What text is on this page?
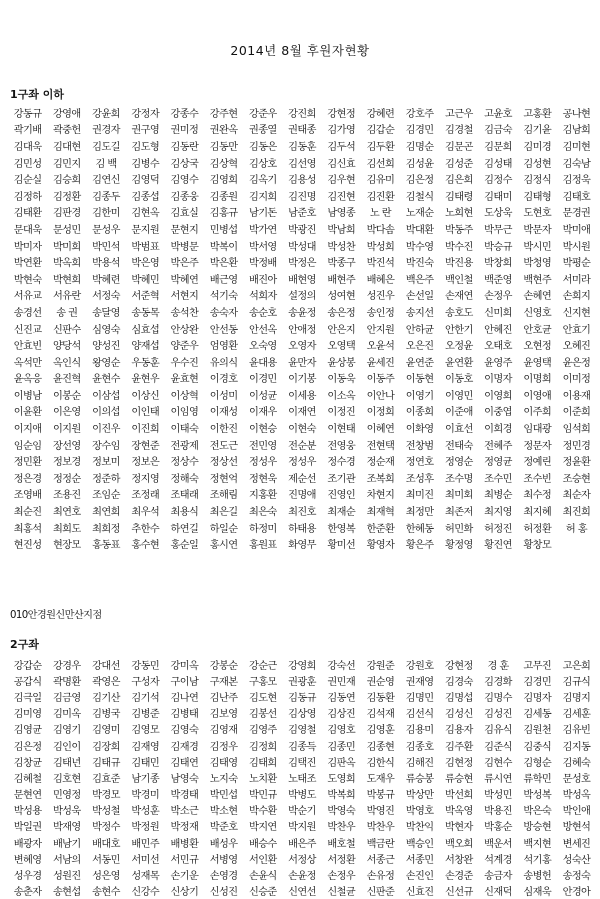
2014년 8월 후원자현황
1구좌 이하
강동규	강영애	강윤희	강정자	강종수	강주현	강준우	강진희	강현정	강혜련	강호주	고근우	고윤호	고홍환	공나현
곽기배	곽중헌	권경자	권구영	권미정	권완옥	권종열	권태종	김가영	김갑순	김경민	김경철	김금숙	김기윤	김남희
김대욱	김대현	김도길	김도형	김동란	김동만	김동은	김동훈	김두석	김두환	김명순	김문곤	김문희	김미경	김미현
김민성	김민지	김 백	김병수	김상국	김상혁	김상호	김선영	김신효	김선희	김성윤	김성준	김성태	김성현	김숙남
김순실	김승희	김연신	김영덕	김영수	김영희	김옥기	김용성	김우현	김유미	김은정	김은희	김정수	김정식	김정욱
김정하	김정환	김종두	김종섭	김종웅	김종원	김지희	김진명	김진현	김진환	김철식	김태령	김태미	김태형	김태호
김태환	김판경	김한미	김현옥	김효실	김홍규	남기돈	남준호	남영종	노 란	노재순	노희현	도상욱	도현호	문경권
문대욱	문성민	문성우	문지원	문현지	민병섭	박가연	박광진	박남희	박다솜	박대환	박동주	박무근	박문자	박미애
박미자	박미희	박민석	박범표	박병문	박복이	박서영	박성대	박성찬	박성희	박수영	박수진	박승규	박시민	박시원
박연환	박옥희	박용석	박은영	박은주	박은환	박정배	박정은	박종구	박진석	박진숙	박진용	박창희	박청영	박평순
박현숙	박현희	박혜련	박혜민	박혜연	배근영	배진아	배현영	배현주	배혜은	백은주	백인철	백준영	백현주	서미라
서유교	서유란	서정숙	서준혁	서현지	석기숙	석희자	설정의	성여현	성진우	손선일	손재연	손정우	손혜연	손희지
송경선	송 권	송달영	송동목	송석찬	송숙자	송순호	송윤정	송은정	송인정	송지선	송호도	신미희	신영호	신지현
신진교	신판수	심영숙	심효섭	안상완	안선동	안선옥	안애정	안은지	안지원	안하균	안한기	안혜진	안호균	안효기
안효빈	양당석	양성진	양재섭	양준우	엄영환	오숙영	오영자	오영택	오윤석	오은진	오정윤	오태호	오현정	오혜진
옥석만	옥인식	왕영순	우동훈	우수진	유의식	윤대용	윤만자	윤상봉	윤세진	윤연준	윤연환	윤영주	윤영택	윤은정
윤옥응	윤진혁	윤현수	윤현우	윤효현	이경호	이경민	이기봉	이동욱	이동주	이동현	이동호	이명자	이명희	이미정
이병남	이봉순	이삼섭	이상신	이상혁	이성미	이성균	이세용	이소옥	이안나	이영기	이영민	이영희	이영애	이용재
이윤환	이은영	이의섭	이인태	이임영	이재성	이재우	이재연	이정진	이정희	이종희	이준애	이중엽	이주희	이준희
이지애	이지원	이진우	이진희	이태숙	이한진	이현승	이현숙	이현태	이혜연	이화영	이효선	이희경	임대광	임석희
임순임	장선영	장수임	장현준	전광제	전도근	전민영	전순분	전영웅	전현택	전창범	전태숙	전혜주	정문자	정민경
정민환	정보경	정보미	정보은	정상수	정상선	정성우	정성우	정수경	정순재	정연호	정영순	정영균	정예린	정윤환
정은경	정정순	정준하	정지영	정해숙	정현억	정현욱	제순선	조기관	조복희	조성후	조수명	조수민	조수빈	조승현
조영배	조용진	조임순	조정래	조태래	조해림	지홍환	진명애	진영인	차현지	최미진	최미회	최병순	최수정	최순자
최순진	최연호	최연희	최우석	최용식	최은길	최은숙	최진호	최재순	최재혁	최정만	최존저	최지영	최지혜	최진희
최홍석	최희도	최희정	추한수	하연길	하일순	하정미	하태용	한영복	한준환	한혜동	허민화	허정진	허정환	허 홍
현진성	현장모	홍동표	홍수현	홍순일	홍시연	홍원표	화영무	황미선	황영자	황은주	황정영	황진연	황창모
010안경원신만산지점
2구좌
강갑순	강경우	강대선	강동민	강미옥	강봉순	강순근	강영희	강숙선	강원준	강원호	강현정	경 훈	고무진	고은희
공갑식	곽명환	곽영은	구성자	구이남	구재본	구홍모	권광훈	권민재	권순영	권재영	김경숙	김경화	김경민	김규식
김극일	김금영	김기산	김기석	김나연	김난주	김도현	김동규	김동연	김동환	김명민	김명섭	김명수	김명자	김명지
김미영	김미옥	김병국	김병준	김병태	김보영	김봉선	김상영	김상진	김석재	김선식	김성신	김성진	김세동	김세훈
김영균	김영기	김영미	김영모	김영숙	김영재	김영주	김영철	김영호	김영훈	김용미	김용자	김유식	김원천	김유빈
김은정	김인이	김장희	김재영	김재경	김정우	김정희	김종득	김종민	김종현	김종호	김주환	김준식	김중식	김지동
김창균	김태년	김태규	김태민	김태연	김태영	김태희	김택진	김판옥	김한식	김해진	김현정	김현수	김형순	김혜숙
김혜철	김호현	김효준	남기종	남영숙	노지숙	노치환	노태조	도영희	도재우	류승봉	류승현	류시연	류학민	문성호
문현연	민영정	박경모	박경미	박경태	박민섭	박민규	박병도	박복희	박봉규	박상만	박선희	박성민	박성복	박성옥
박성용	박성욱	박성철	박성훈	박소근	박소현	박수환	박순기	박영숙	박영진	박영호	박옥영	박용진	박은숙	박인애
박일권	박재영	박정수	박정원	박정재	박준호	박지연	박지원	박찬우	박찬우	박찬익	박현자	박홍순	방승현	방현석
배광자	배남기	배대호	배민주	배병환	배성우	배승수	배은주	배호철	백금란	백승인	백오희	백운서	백지현	변세진
변혜영	서남의	서동민	서미선	서민규	서병영	서인환	서정상	서정환	서종근	서종민	서창완	석계경	석기홍	성숙산
성우경	성원진	성은영	성재목	손기운	손영경	손윤식	손윤정	손정우	손유정	손진인	손경준	송금자	송병헌	송정숙
송춘자	송현섭	송현수	신강수	신상기	신성진	신승준	신연선	신철균	신판준	신효진	신선규	신재덕	심재욱	안경아
